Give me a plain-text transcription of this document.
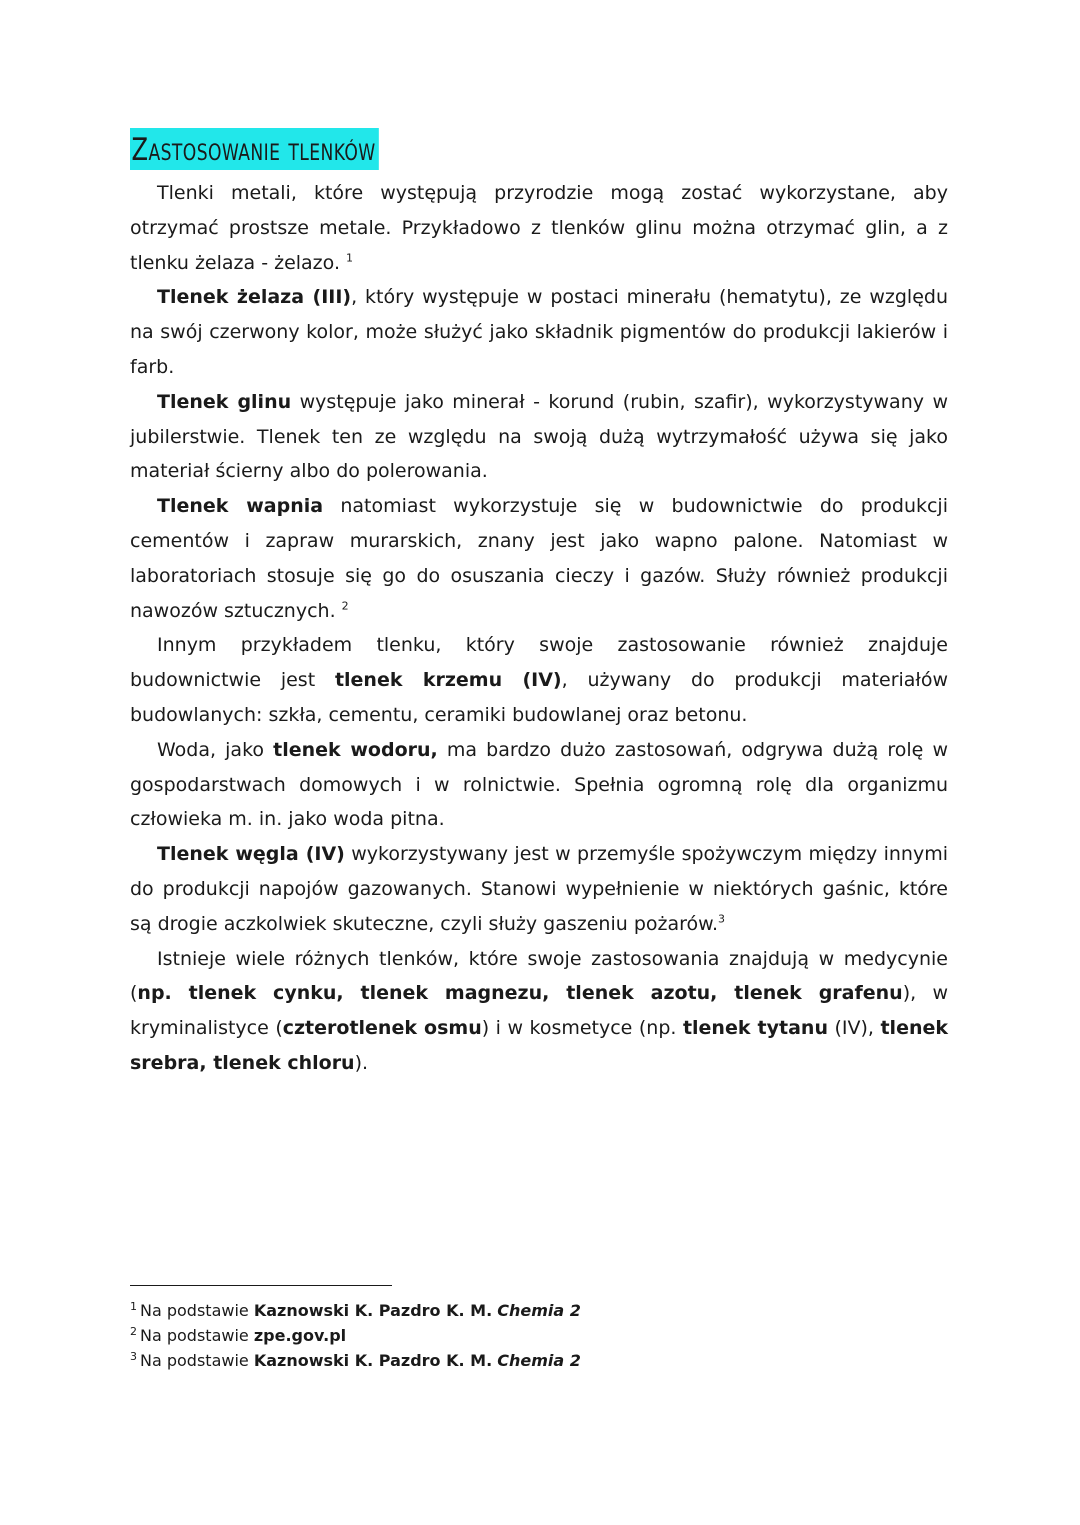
Zastosowanie tlenków

Tlenki metali, które występują przyrodzie mogą zostać wykorzystane, aby otrzymać prostsze metale. Przykładowo z tlenków glinu można otrzymać glin, a z tlenku żelaza - żelazo. $^1$

Tlenek żelaza (III), który występuje w postaci minerału (hematytu), ze względu na swój czerwony kolor, może służyć jako składnik pigmentów do produkcji lakierów i farb.

Tlenek glinu występuje jako minerał - korund (rubin, szafir), wykorzystywany w jubilerstwie. Tlenek ten ze względu na swoją dużą wytrzymałość używa się jako materiał ścierny albo do polerowania.

Tlenek wapnia natomiast wykorzystuje się w budownictwie do produkcji cementów i zapraw murarskich, znany jest jako wapno palone. Natomiast w laboratoriach stosuje się go do osuszania cieczy i gazów. Służy również produkcji nawozów sztucznych. $^2$

Innym przykładem tlenku, który swoje zastosowanie również znajduje budownictwie jest tlenek krzemu (IV), używany do produkcji materiałów budowlanych: szkła, cementu, ceramiki budowlanej oraz betonu.

Woda, jako tlenek wodoru, ma bardzo dużo zastosowań, odgrywa dużą rolę w gospodarstwach domowych i w rolnictwie. Spełnia ogromną rolę dla organizmu człowieka m. in. jako woda pitna.

Tlenek węgla (IV) wykorzystywany jest w przemyśle spożywczym między innymi do produkcji napojów gazowanych. Stanowi wypełnienie w niektórych gaśnic, które są drogie aczkolwiek skuteczne, czyli służy gaszeniu pożarów.$^3$

Istnieje wiele różnych tlenków, które swoje zastosowania znajdują w medycynie (np. tlenek cynku, tlenek magnezu, tlenek azotu, tlenek grafenu), w kryminalistyce (czterotlenek osmu) i w kosmetyce (np. tlenek tytanu (IV), tlenek srebra, tlenek chloru).

$^1$ Na podstawie Kaznowski K. Pazdro K. M. Chemia 2
$^2$ Na podstawie zpe.gov.pl
$^3$ Na podstawie Kaznowski K. Pazdro K. M. Chemia 2
